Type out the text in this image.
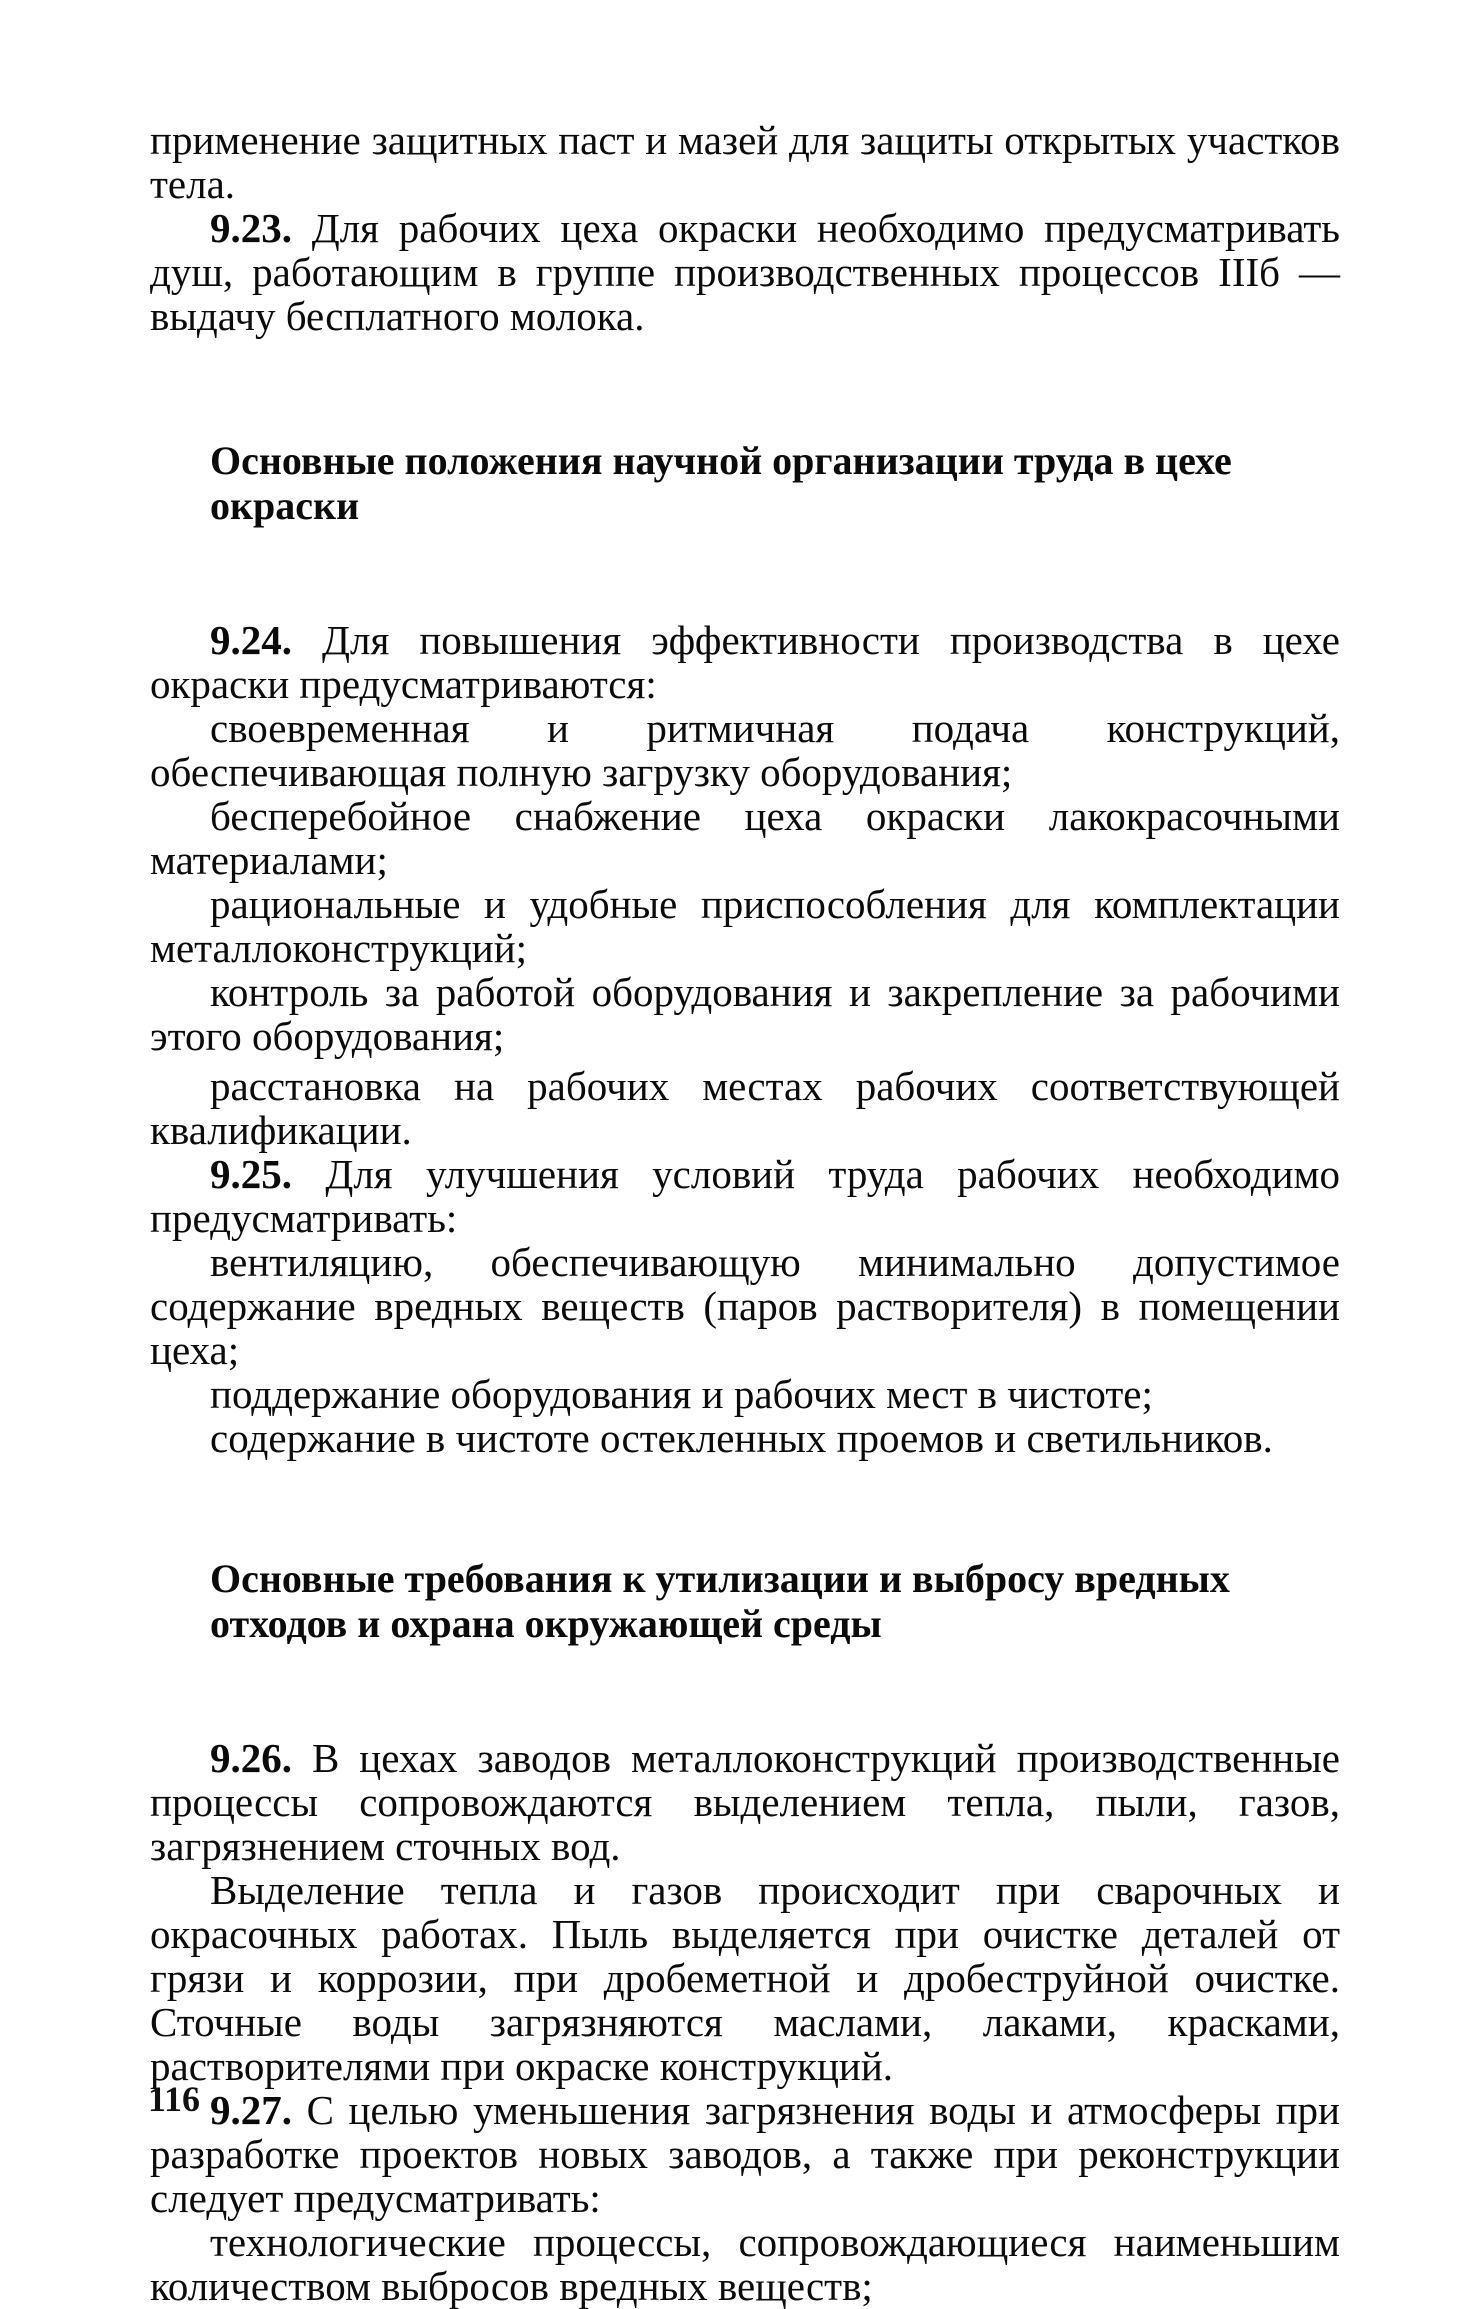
применение защитных паст и мазей для защиты открытых участков тела.

9.23. Для рабочих цеха окраски необходимо предусматривать душ, работающим в группе производственных процессов IIIб — выдачу бесплатного молока.

Основные положения научной организации труда в цехе окраски

9.24. Для повышения эффективности производства в цехе окраски предусматриваются:

своевременная и ритмичная подача конструкций, обеспечивающая полную загрузку оборудования;

бесперебойное снабжение цеха окраски лакокрасочными материалами;

рациональные и удобные приспособления для комплектации металлоконструкций;

контроль за работой оборудования и закрепление за рабочими этого оборудования;

расстановка на рабочих местах рабочих соответствующей квалификации.

9.25. Для улучшения условий труда рабочих необходимо предусматривать:

вентиляцию, обеспечивающую минимально допустимое содержание вредных веществ (паров растворителя) в помещении цеха;

поддержание оборудования и рабочих мест в чистоте;

содержание в чистоте остекленных проемов и светильников.

Основные требования к утилизации и выбросу вредных отходов и охрана окружающей среды

9.26. В цехах заводов металлоконструкций производственные процессы сопровождаются выделением тепла, пыли, газов, загрязнением сточных вод.

Выделение тепла и газов происходит при сварочных и окрасочных работах. Пыль выделяется при очистке деталей от грязи и коррозии, при дробеметной и дробеструйной очистке. Сточные воды загрязняются маслами, лаками, красками, растворителями при окраске конструкций.

9.27. С целью уменьшения загрязнения воды и атмосферы при разработке проектов новых заводов, а также при реконструкции следует предусматривать:

технологические процессы, сопровождающиеся наименьшим количеством выбросов вредных веществ;

116
